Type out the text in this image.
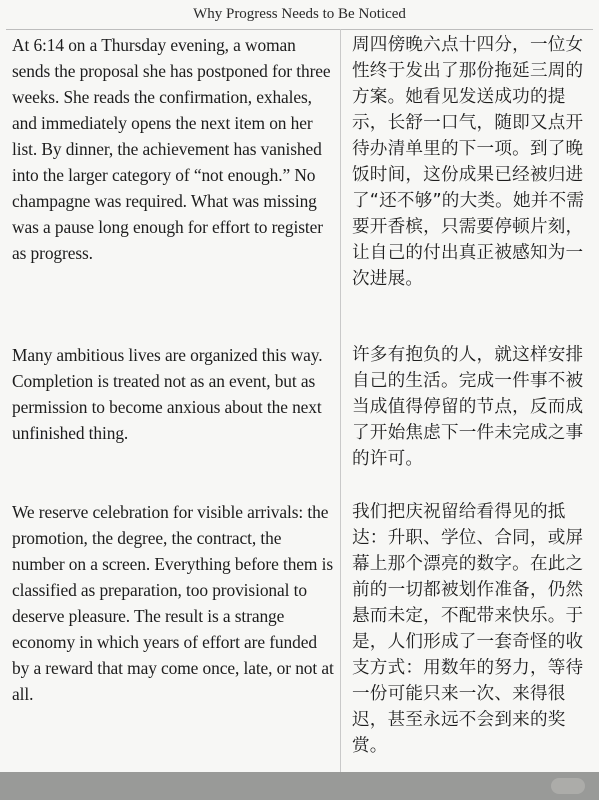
Why Progress Needs to Be Noticed

At 6:14 on a Thursday evening, a woman sends the proposal she has postponed for three weeks. She reads the confirmation, exhales, and immediately opens the next item on her list. By dinner, the achievement has vanished into the larger category of “not enough.” No champagne was required. What was missing was a pause long enough for effort to register as progress.

周四傍晚六点十四分，一位女性终于发出了那份拖延三周的方案。她看见发送成功的提示，长舒一口气，随即又点开待办清单里的下一项。到了晚饭时间，这份成果已经被归进了“还不够”的大类。她并不需要开香槟，只需要停顿片刻，让自己的付出真正被感知为一次进展。

Many ambitious lives are organized this way. Completion is treated not as an event, but as permission to become anxious about the next unfinished thing.

许多有抱负的人，就这样安排自己的生活。完成一件事不被当成值得停留的节点，反而成了开始焦虑下一件未完成之事的许可。

We reserve celebration for visible arrivals: the promotion, the degree, the contract, the number on a screen. Everything before them is classified as preparation, too provisional to deserve pleasure. The result is a strange economy in which years of effort are funded by a reward that may come once, late, or not at all.

我们把庆祝留给看得见的抵达：升职、学位、合同，或屏幕上那个漂亮的数字。在此之前的一切都被划作准备，仍然悬而未定，不配带来快乐。于是，人们形成了一套奇怪的收支方式：用数年的努力，等待一份可能只来一次、来得很迟，甚至永远不会到来的奖赏。
